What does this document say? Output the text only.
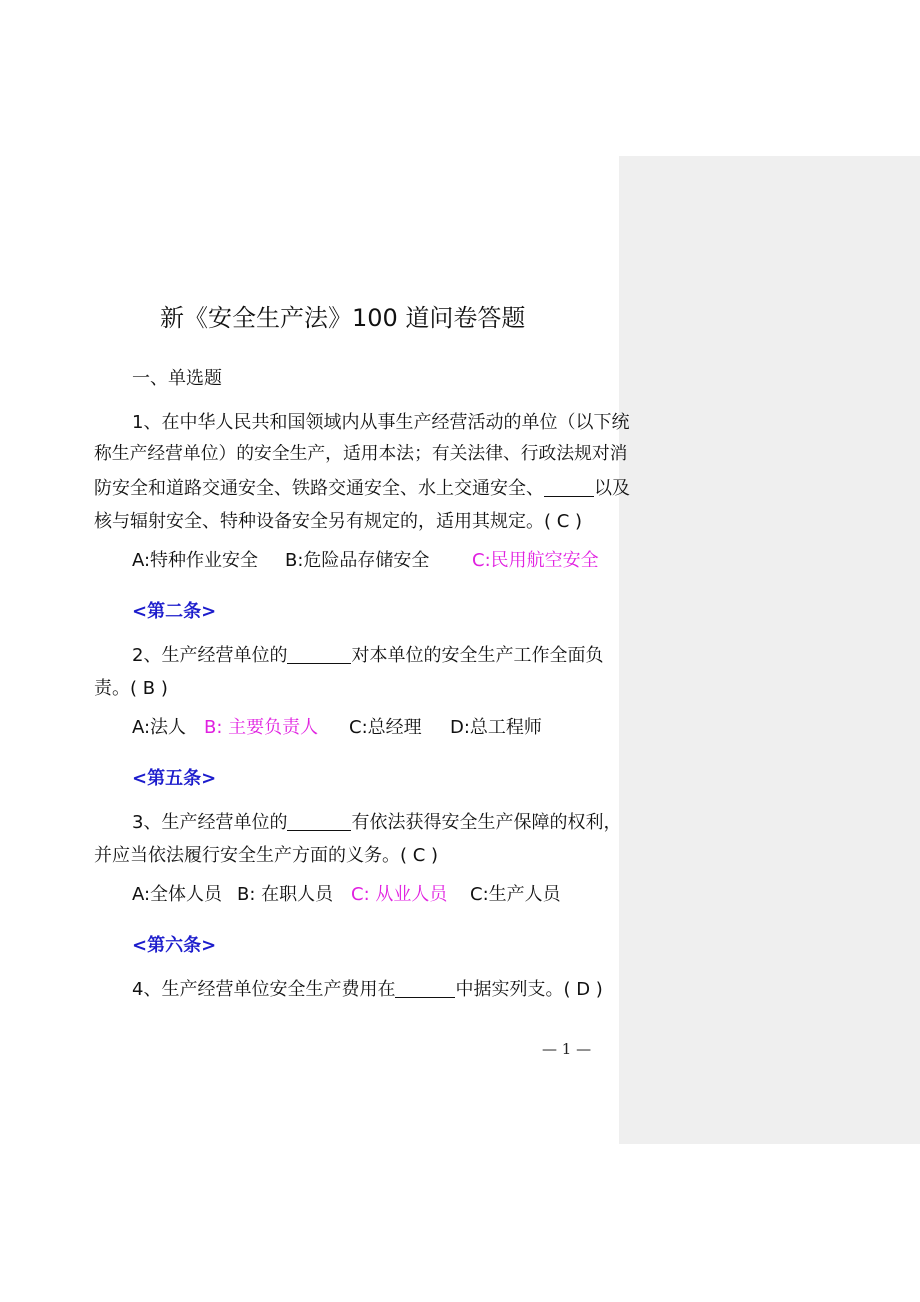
新《安全生产法》100 道问卷答题
一、单选题
1、在中华人民共和国领域内从事生产经营活动的单位（以下统
称生产经营单位）的安全生产，适用本法；有关法律、行政法规对消
防安全和道路交通安全、铁路交通安全、水上交通安全、	以及
核与辐射安全、特种设备安全另有规定的，适用其规定。( C )
A:特种作业安全 B:危险品存储安全 C:民用航空安全
<第二条>
2、生产经营单位的	对本单位的安全生产工作全面负
责。( B )
A:法人 B: 主要负责人 C:总经理 D:总工程师
<第五条>
3、生产经营单位的	有依法获得安全生产保障的权利，
并应当依法履行安全生产方面的义务。( C )
A:全体人员 B: 在职人员 C: 从业人员 C:生产人员
<第六条>
4、生产经营单位安全生产费用在	中据实列支。( D )
— 1 —
